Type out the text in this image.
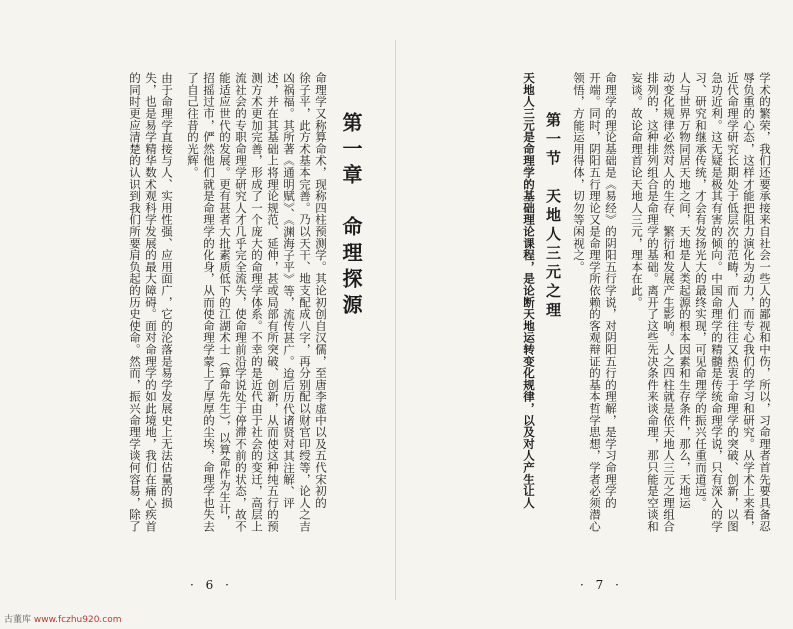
学术的繁荣，我们还要承接来自社会一些人的鄙视和中伤，所以，习命理者首先要具备忍
辱负重的心态，这样才能把阻力演化为动力，而专心我们的学习和研究。从学术上来看，
近代命理学研究长期处于低层次的范畴，而人们往往又热衷于命理学的突破、创新，以图
急功近利。这无疑是极其有害的倾向。中国命理学的精髓是传统命理学说，只有深入的学
习、研究和继承传统，才会有发扬光大的最终实现，可见命理学的振兴任重而道远。
人与世界万物同居天地之间，天地是人类起源的根本因素和生存条件，那么，天地运
动变化规律必然对人的生存、繁衍和发展产生影响。人之四柱就是依天地人三元之理组合
排列的，这种排列组合是命理学的基础。离开了这些先决条件来谈命理，那只能是空谈和
妄谈。故论命理首论天地人三元，理本在此。
命理学的理论基础是《易经》的阴阳五行学说，对阴阳五行的理解，是学习命理学的
开端。同时，阴阳五行理论又是命理学所依赖的客观辩证的基本哲学思想，学者必须潜心
领悟，方能运用得体，切勿等闲视之。
第一节　天地人三元之理
天地人三元是命理学的基础理论课程，是论断天地运转变化规律，以及对人产生让人
· 7 ·
第一章　命理探源
命理学又称算命术，现称四柱预测学。其论初创自汉儒，至唐李虚中以及五代宋初的
徐子平，此方术基本完善。乃以天干、地支配成八字，再分别配以财官印绶等，论人之吉
凶祸福。其所著《通明赋》、《渊海子平》等，流传甚广。迨后历代诸贤对其注解、评
述，并在其基础上将理论规范、延伸，甚或局部有所突破、创新，从而使这种纯五行的预
测方术更加完善，形成了一个庞大的命理学体系。不幸的是近代由于社会的变迁，高层上
流社会的专职命理学研究人才几乎完全流失，使命理前沿学说处于停滞不前的状态，故不
能适应世代的发展。更有甚者大批素质低下的江湖术士（算命先生），以算命作为生计，
招摇过市，俨然他们就是命理学的化身，从而使命理学蒙上了厚厚的尘埃，命理学也失去
了自己往昔的光辉。
由于命理学直接与人、实用性强、应用面广，它的沦落是易学发展史上无法估量的损
失，也是易学精华数术观科学发展的最大障碍。面对命理学的如此境地，我们在痛心疾首
的同时更应清楚的认识到我们所要肩负起的历史使命。然而，振兴命理学谈何容易，除了
· 6 ·
古董库 www.fczhu920.com
